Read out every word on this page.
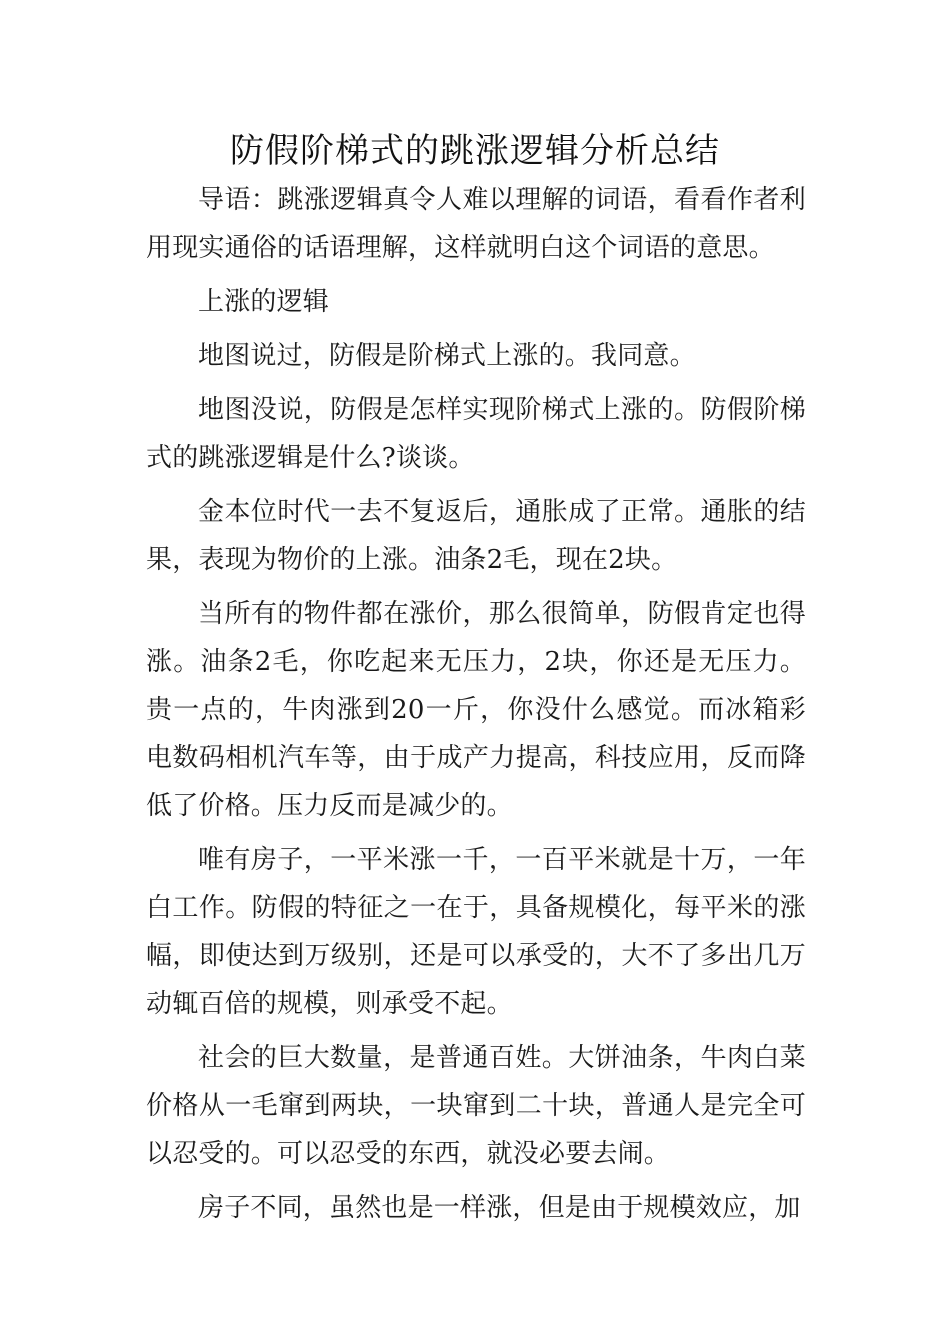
防假阶梯式的跳涨逻辑分析总结

导语：跳涨逻辑真令人难以理解的词语，看看作者利用现实通俗的话语理解，这样就明白这个词语的意思。

上涨的逻辑

地图说过，防假是阶梯式上涨的。我同意。

地图没说，防假是怎样实现阶梯式上涨的。防假阶梯式的跳涨逻辑是什么?谈谈。

金本位时代一去不复返后，通胀成了正常。通胀的结果，表现为物价的上涨。油条2毛，现在2块。

当所有的物件都在涨价，那么很简单，防假肯定也得涨。油条2毛，你吃起来无压力，2块，你还是无压力。贵一点的，牛肉涨到20一斤，你没什么感觉。而冰箱彩电数码相机汽车等，由于成产力提高，科技应用，反而降低了价格。压力反而是减少的。

唯有房子，一平米涨一千，一百平米就是十万，一年白工作。防假的特征之一在于，具备规模化，每平米的涨幅，即使达到万级别，还是可以承受的，大不了多出几万动辄百倍的规模，则承受不起。

社会的巨大数量，是普通百姓。大饼油条，牛肉白菜价格从一毛窜到两块，一块窜到二十块，普通人是完全可以忍受的。可以忍受的东西，就没必要去闹。

房子不同，虽然也是一样涨，但是由于规模效应，加
